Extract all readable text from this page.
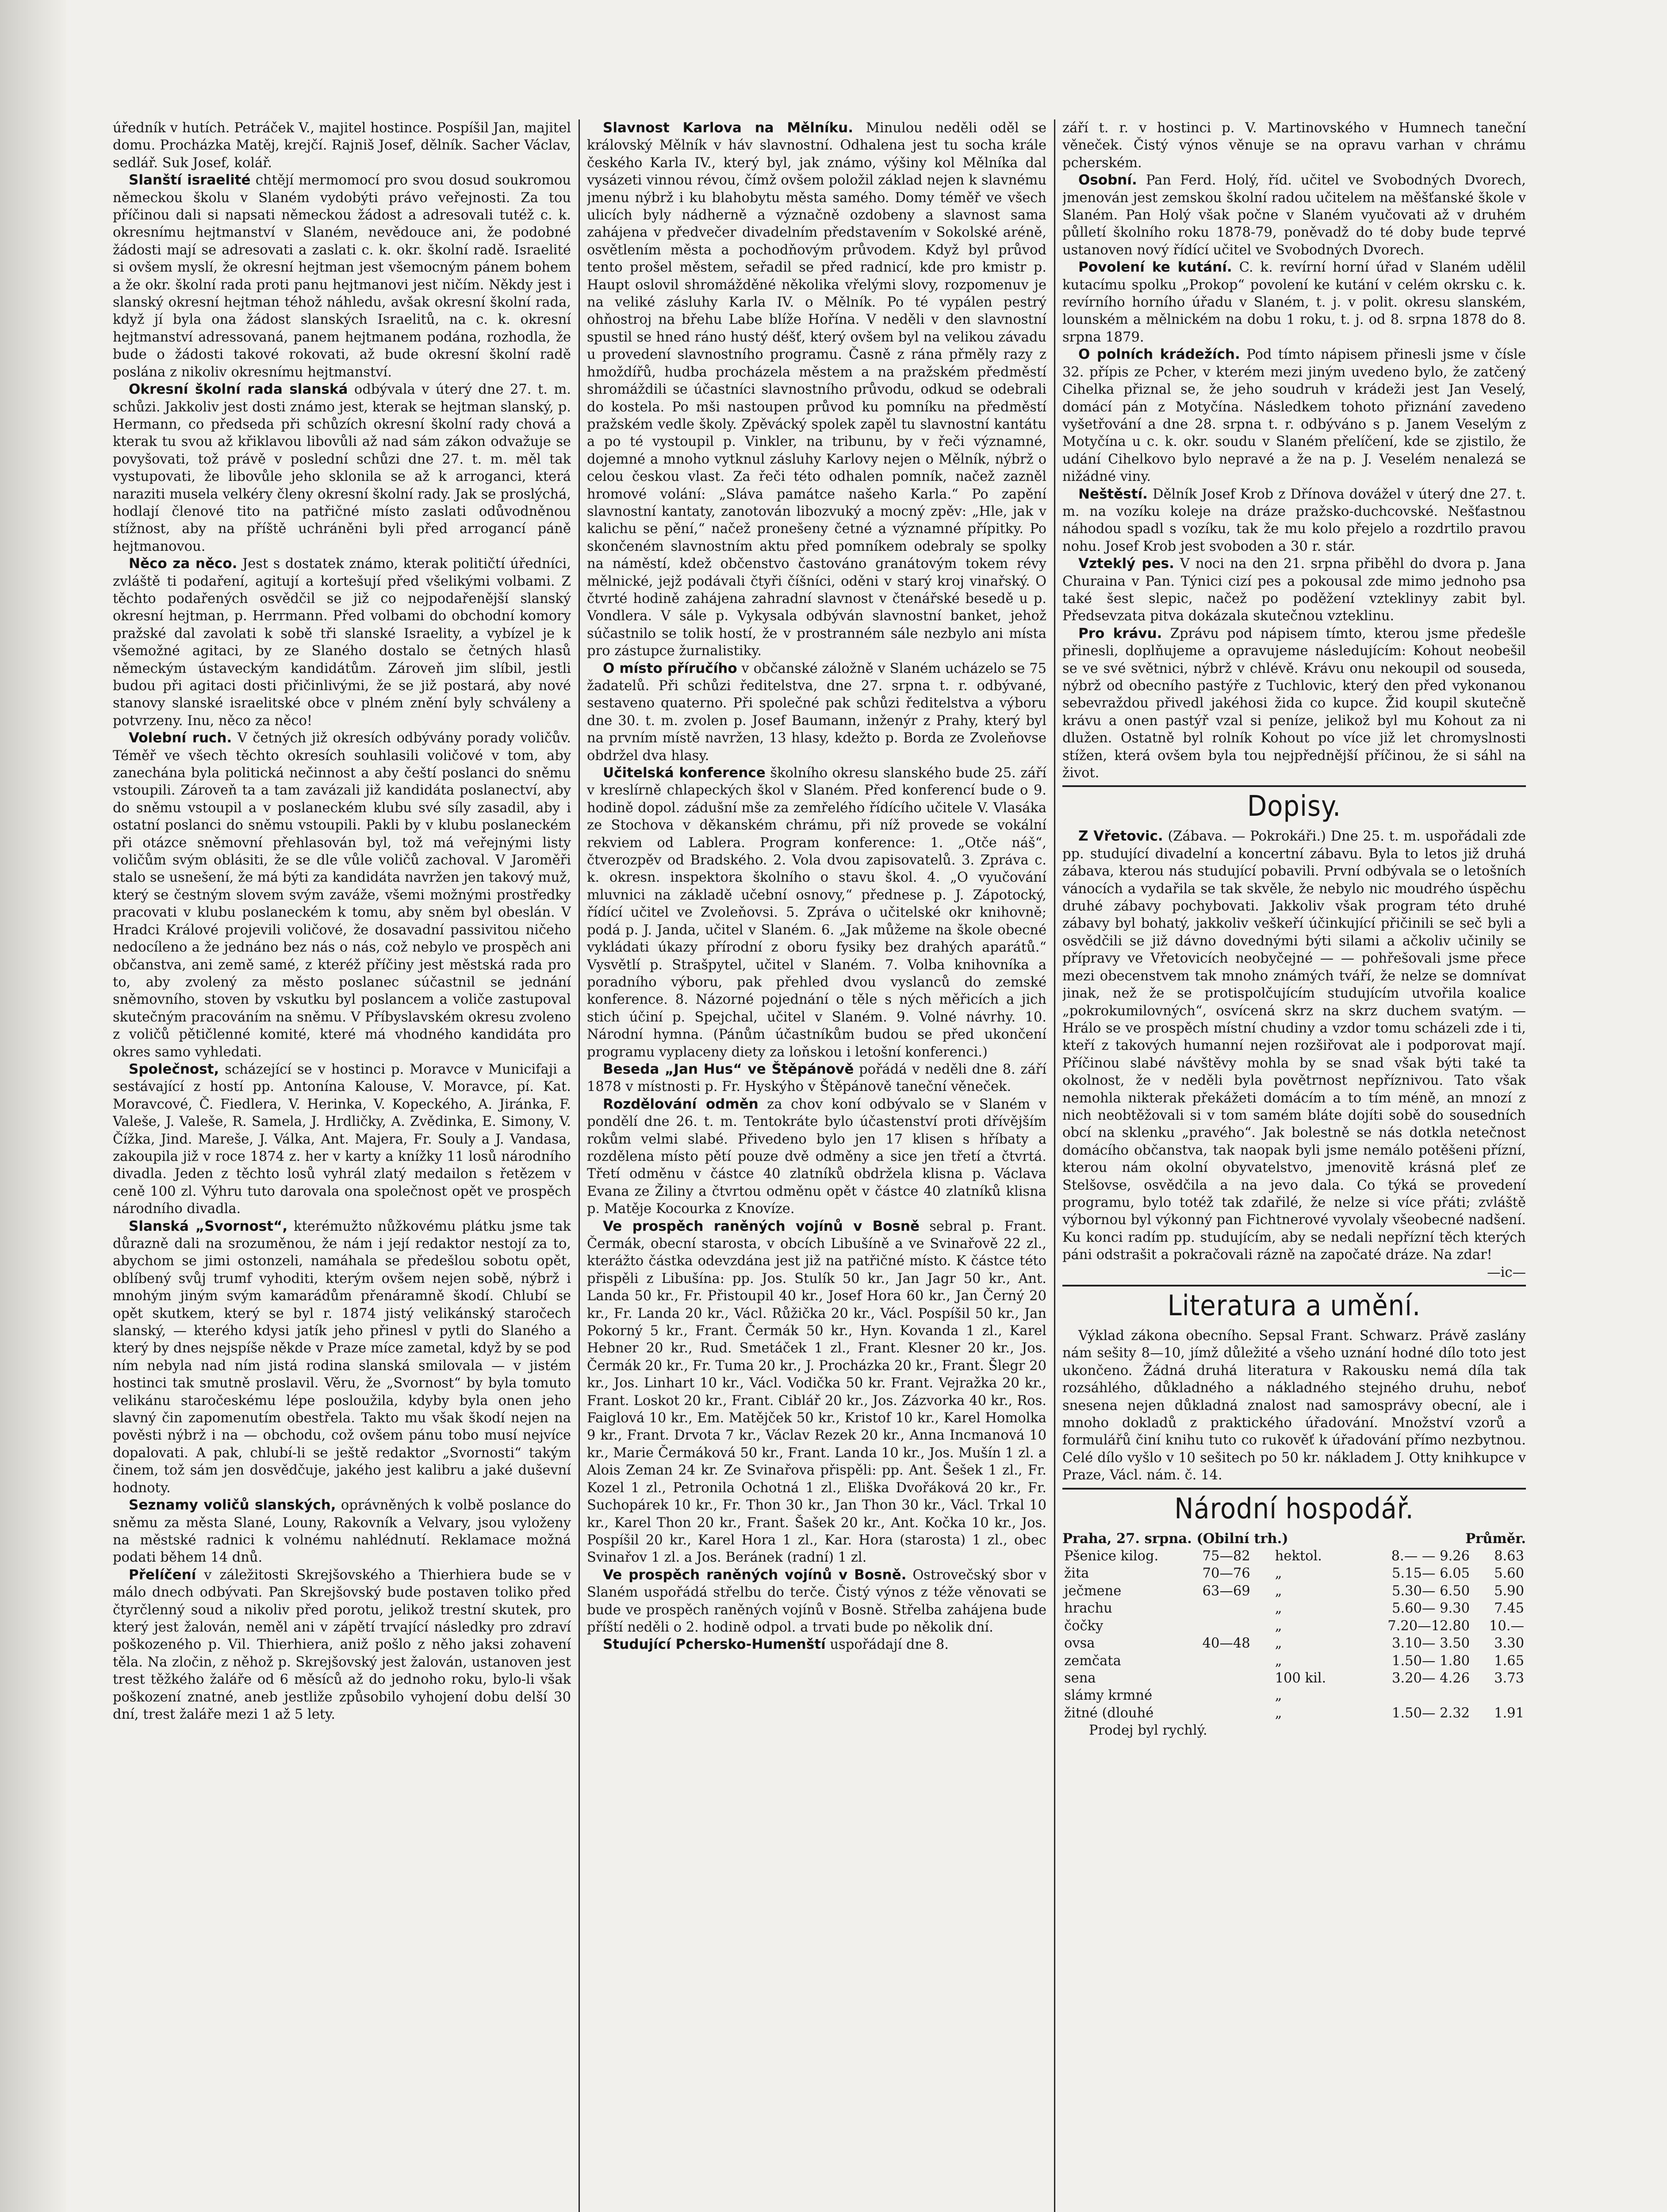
úředník v hutích. Petráček V., majitel hostince. Pospíšil Jan, majitel domu. Procházka Matěj, krejčí. Rajniš Josef, dělník. Sacher Václav, sedlář. Suk Josef, kolář.

Slanští israelité chtějí mermomocí pro svou dosud soukromou německou školu v Slaném vydobýti právo veřejnosti. Za tou příčinou dali si napsati německou žádost a adresovali tutéž c. k. okresnímu hejtmanství v Slaném, nevědouce ani, že podobné žádosti mají se adresovati a zaslati c. k. okr. školní radě. Israelité si ovšem myslí, že okresní hejtman jest všemocným pánem bohem a že okr. školní rada proti panu hejtmanovi jest ničím. Někdy jest i slanský okresní hejtman téhož náhledu, avšak okresní školní rada, když jí byla ona žádost slanských Israelitů, na c. k. okresní hejtmanství adressovaná, panem hejtmanem podána, rozhodla, že bude o žádosti takové rokovati, až bude okresní školní radě poslána z nikoliv okresnímu hejtmanství.

Okresní školní rada slanská odbývala v úterý dne 27. t. m. schůzi. Jakkoliv jest dosti známo jest, kterak se hejtman slanský, p. Hermann, co předseda při schůzích okresní školní rady chová a kterak tu svou až křiklavou libovůli až nad sám zákon odvažuje se povyšovati, tož právě v poslední schůzi dne 27. t. m. měl tak vystupovati, že libovůle jeho sklonila se až k arroganci, která naraziti musela velkéry členy okresní školní rady. Jak se proslýchá, hodlají členové tito na patřičné místo zaslati odůvodněnou stížnost, aby na příště uchráněni byli před arrogancí páně hejtmanovou.

Něco za něco. Jest s dostatek známo, kterak političtí úředníci, zvláště ti podaření, agitují a kortešují před všelikými volbami. Z těchto podařených osvědčil se již co nejpodařenější slanský okresní hejtman, p. Herrmann. Před volbami do obchodní komory pražské dal zavolati k sobě tři slanské Israelity, a vybízel je k všemožné agitaci, by ze Slaného dostalo se četných hlasů německým ústaveckým kandidátům. Zároveň jim slíbil, jestli budou při agitaci dosti přičinlivými, že se již postará, aby nové stanovy slanské israelitské obce v plném znění byly schváleny a potvrzeny. Inu, něco za něco!

Volební ruch. V četných již okresích odbývány porady voličův. Téměř ve všech těchto okresích souhlasili voličové v tom, aby zanechána byla politická nečinnost a aby čeští poslanci do sněmu vstoupili. Zároveň ta a tam zavázali již kandidáta poslanectví, aby do sněmu vstoupil a v poslaneckém klubu své síly zasadil, aby i ostatní poslanci do sněmu vstoupili. Pakli by v klubu poslaneckém při otázce sněmovní přehlasován byl, tož má veřejnými listy voličům svým oblásiti, že se dle vůle voličů zachoval. V Jaroměři stalo se usnešení, že má býti za kandidáta navržen jen takový muž, který se čestným slovem svým zaváže, všemi možnými prostředky pracovati v klubu poslaneckém k tomu, aby sněm byl obeslán. V Hradci Králové projevili voličové, že dosavadní passivitou ničeho nedocíleno a že jednáno bez nás o nás, což nebylo ve prospěch ani občanstva, ani země samé, z kteréž příčiny jest městská rada pro to, aby zvolený za město poslanec súčastnil se jednání sněmovního, stoven by vskutku byl poslancem a voliče zastupoval skutečným pracováním na sněmu. V Příbyslavském okresu zvoleno z voličů pětičlenné komité, které má vhodného kandidáta pro okres samo vyhledati.

Společnost, scházející se v hostinci p. Moravce v Municifaji a sestávající z hostí pp. Antonína Kalouse, V. Moravce, pí. Kat. Moravcové, Č. Fiedlera, V. Herinka, V. Kopeckého, A. Jiránka, F. Valeše, J. Valeše, R. Samela, J. Hrdličky, A. Zvědinka, E. Simony, V. Čížka, Jind. Mareše, J. Válka, Ant. Majera, Fr. Souly a J. Vandasa, zakoupila již v roce 1874 z. her v karty a knížky 11 losů národního divadla. Jeden z těchto losů vyhrál zlatý medailon s řetězem v ceně 100 zl. Výhru tuto darovala ona společnost opět ve prospěch národního divadla.

Slanská „Svornost“, kterémužto nůžkovému plátku jsme tak důrazně dali na srozuměnou, že nám i její redaktor nestojí za to, abychom se jimi ostonzeli, namáhala se předešlou sobotu opět, oblíbený svůj trumf vyhoditi, kterým ovšem nejen sobě, nýbrž i mnohým jiným svým kamarádům přenáramně škodí. Chlubí se opět skutkem, který se byl r. 1874 jistý velikánský staročech slanský, — kterého kdysi jatík jeho přinesl v pytli do Slaného a který by dnes nejspíše někde v Praze míce zametal, když by se pod ním nebyla nad ním jistá rodina slanská smilovala — v jistém hostinci tak smutně proslavil. Věru, že „Svornost“ by byla tomuto velikánu staročeskému lépe posloužila, kdyby byla onen jeho slavný čin zapomenutím obestřela. Takto mu však škodí nejen na pověsti nýbrž i na — obchodu, což ovšem pánu tobo musí nejvíce dopalovati. A pak, chlubí-li se ještě redaktor „Svornosti“ takým činem, tož sám jen dosvědčuje, jakého jest kalibru a jaké duševní hodnoty.

Seznamy voličů slanských, oprávněných k volbě poslance do sněmu za města Slané, Louny, Rakovník a Velvary, jsou vyloženy na městské radnici k volnému nahlédnutí. Reklamace možná podati během 14 dnů.

Přelíčení v záležitosti Skrejšovského a Thierhiera bude se v málo dnech odbývati. Pan Skrejšovský bude postaven toliko před čtyrčlenný soud a nikoliv před porotu, jelikož trestní skutek, pro který jest žalován, neměl ani v zápětí trvající následky pro zdraví poškozeného p. Vil. Thierhiera, aniž pošlo z něho jaksi zohavení těla. Na zločin, z něhož p. Skrejšovský jest žalován, ustanoven jest trest těžkého žaláře od 6 měsíců až do jednoho roku, bylo-li však poškození znatné, aneb jestliže způsobilo vyhojení dobu delší 30 dní, trest žaláře mezi 1 až 5 lety.

Slavnost Karlova na Mělníku. Minulou neděli oděl se královský Mělník v háv slavnostní. Odhalena jest tu socha krále českého Karla IV., který byl, jak známo, výšiny kol Mělníka dal vysázeti vinnou révou, čímž ovšem položil základ nejen k slavnému jmenu nýbrž i ku blahobytu města samého. Domy téměř ve všech ulicích byly nádherně a význačně ozdobeny a slavnost sama zahájena v předvečer divadelním představením v Sokolské aréně, osvětlením města a pochodňovým průvodem. Když byl průvod tento prošel městem, seřadil se před radnicí, kde pro kmistr p. Haupt oslovil shromážděné několika vřelými slovy, rozpomenuv je na veliké zásluhy Karla IV. o Mělník. Po té vypálen pestrý ohňostroj na břehu Labe blíže Hořína. V neděli v den slavnostní spustil se hned ráno hustý déšť, který ovšem byl na velikou závadu u provedení slavnostního programu. Časně z rána přměly razy z hmoždířů, hudba procházela městem a na pražském předměstí shromáždili se účastníci slavnostního průvodu, odkud se odebrali do kostela. Po mši nastoupen průvod ku pomníku na předměstí pražském vedle školy. Zpěvácký spolek zapěl tu slavnostní kantátu a po té vystoupil p. Vinkler, na tribunu, by v řeči významné, dojemné a mnoho vytknul zásluhy Karlovy nejen o Mělník, nýbrž o celou českou vlast. Za řeči této odhalen pomník, načež zazněl hromové volání: „Sláva památce našeho Karla.“ Po zapění slavnostní kantaty, zanotován libozvuký a mocný zpěv: „Hle, jak v kalichu se pění,“ načež pronešeny četné a významné přípitky. Po skončeném slavnostním aktu před pomníkem odebraly se spolky na náměstí, kdež občenstvo častováno granátovým tokem révy mělnické, jejž podávali čtyři číšníci, oděni v starý kroj vinařský. O čtvrté hodině zahájena zahradní slavnost v čtenářské besedě u p. Vondlera. V sále p. Vykysala odbýván slavnostní banket, jehož súčastnilo se tolik hostí, že v prostranném sále nezbylo ani místa pro zástupce žurnalistiky.

O místo příručího v občanské záložně v Slaném ucházelo se 75 žadatelů. Při schůzi ředitelstva, dne 27. srpna t. r. odbývané, sestaveno quaterno. Při společné pak schůzi ředitelstva a výboru dne 30. t. m. zvolen p. Josef Baumann, inženýr z Prahy, který byl na prvním místě navržen, 13 hlasy, kdežto p. Borda ze Zvoleňovse obdržel dva hlasy.

Učitelská konference školního okresu slanského bude 25. září v kreslírně chlapeckých škol v Slaném. Před konferencí bude o 9. hodině dopol. zádušní mše za zemřelého řídícího učitele V. Vlasáka ze Stochova v děkanském chrámu, při níž provede se vokální rekviem od Lablera. Program konference: 1. „Otče náš“, čtverozpěv od Bradského. 2. Vola dvou zapisovatelů. 3. Zpráva c. k. okresn. inspektora školního o stavu škol. 4. „O vyučování mluvnici na základě učební osnovy,“ přednese p. J. Zápotocký, řídící učitel ve Zvoleňovsi. 5. Zpráva o učitelské okr knihovně; podá p. J. Janda, učitel v Slaném. 6. „Jak můžeme na škole obecné vykládati úkazy přírodní z oboru fysiky bez drahých aparátů.“ Vysvětlí p. Strašpytel, učitel v Slaném. 7. Volba knihovníka a poradního výboru, pak přehled dvou vyslanců do zemské konference. 8. Názorné pojednání o těle s ných měřicích a jich stich účiní p. Spejchal, učitel v Slaném. 9. Volné návrhy. 10. Národní hymna. (Pánům účastníkům budou se před ukončení programu vyplaceny diety za loňskou i letošní konferenci.)

Beseda „Jan Hus“ ve Štěpánově pořádá v neděli dne 8. září 1878 v místnosti p. Fr. Hyskýho v Štěpánově taneční věneček.

Rozdělování odměn za chov koní odbývalo se v Slaném v pondělí dne 26. t. m. Tentokráte bylo účastenství proti dřívějším rokům velmi slabé. Přivedeno bylo jen 17 klisen s hříbaty a rozdělena místo pětí pouze dvě odměny a sice jen třetí a čtvrtá. Třetí odměnu v částce 40 zlatníků obdržela klisna p. Václava Evana ze Žiliny a čtvrtou odměnu opět v částce 40 zlatníků klisna p. Matěje Kocourka z Knovíze.

Ve prospěch raněných vojínů v Bosně sebral p. Frant. Čermák, obecní starosta, v obcích Libušíně a ve Svinařově 22 zl., kterážto částka odevzdána jest již na patřičné místo. K částce této přispěli z Libušína: pp. Jos. Stulík 50 kr., Jan Jagr 50 kr., Ant. Landa 50 kr., Fr. Přistoupil 40 kr., Josef Hora 60 kr., Jan Černý 20 kr., Fr. Landa 20 kr., Václ. Růžička 20 kr., Václ. Pospíšil 50 kr., Jan Pokorný 5 kr., Frant. Čermák 50 kr., Hyn. Kovanda 1 zl., Karel Hebner 20 kr., Rud. Smetáček 1 zl., Frant. Klesner 20 kr., Jos. Čermák 20 kr., Fr. Tuma 20 kr., J. Procházka 20 kr., Frant. Šlegr 20 kr., Jos. Linhart 10 kr., Václ. Vodička 50 kr. Frant. Vejražka 20 kr., Frant. Loskot 20 kr., Frant. Ciblář 20 kr., Jos. Zázvorka 40 kr., Ros. Faiglová 10 kr., Em. Matějček 50 kr., Kristof 10 kr., Karel Homolka 9 kr., Frant. Drvota 7 kr., Václav Rezek 20 kr., Anna Incmanová 10 kr., Marie Čermáková 50 kr., Frant. Landa 10 kr., Jos. Mušín 1 zl. a Alois Zeman 24 kr. Ze Svinařova přispěli: pp. Ant. Šešek 1 zl., Fr. Kozel 1 zl., Petronila Ochotná 1 zl., Eliška Dvořáková 20 kr., Fr. Suchopárek 10 kr., Fr. Thon 30 kr., Jan Thon 30 kr., Václ. Trkal 10 kr., Karel Thon 20 kr., Frant. Šašek 20 kr., Ant. Kočka 10 kr., Jos. Pospíšil 20 kr., Karel Hora 1 zl., Kar. Hora (starosta) 1 zl., obec Svinařov 1 zl. a Jos. Beránek (radní) 1 zl.

Ve prospěch raněných vojínů v Bosně. Ostrovečský sbor v Slaném uspořádá střelbu do terče. Čistý výnos z téže věnovati se bude ve prospěch raněných vojínů v Bosně. Střelba zahájena bude příští neděli o 2. hodině odpol. a trvati bude po několik dní.

Studující Pchersko-Humenští uspořádají dne 8.

září t. r. v hostinci p. V. Martinovského v Humnech taneční věneček. Čistý výnos věnuje se na opravu varhan v chrámu pcherském.

Osobní. Pan Ferd. Holý, říd. učitel ve Svobodných Dvorech, jmenován jest zemskou školní radou učitelem na měšťanské škole v Slaném. Pan Holý však počne v Slaném vyučovati až v druhém půlletí školního roku 1878-79, poněvadž do té doby bude teprvé ustanoven nový řídící učitel ve Svobodných Dvorech.

Povolení ke kutání. C. k. revírní horní úřad v Slaném udělil kutacímu spolku „Prokop“ povolení ke kutání v celém okrsku c. k. revírního horního úřadu v Slaném, t. j. v polit. okresu slanském, lounském a mělnickém na dobu 1 roku, t. j. od 8. srpna 1878 do 8. srpna 1879.

O polních krádežích. Pod tímto nápisem přinesli jsme v čísle 32. přípis ze Pcher, v kterém mezi jiným uvedeno bylo, že zatčený Cihelka přiznal se, že jeho soudruh v krádeži jest Jan Veselý, domácí pán z Motyčína. Následkem tohoto přiznání zavedeno vyšetřování a dne 28. srpna t. r. odbýváno s p. Janem Veselým z Motyčína u c. k. okr. soudu v Slaném přelíčení, kde se zjistilo, že udání Cihelkovo bylo nepravé a že na p. J. Veselém nenalezá se nižádné viny.

Neštěstí. Dělník Josef Krob z Dřínova dovážel v úterý dne 27. t. m. na vozíku koleje na dráze pražsko-duchcovské. Nešťastnou náhodou spadl s vozíku, tak že mu kolo přejelo a rozdrtilo pravou nohu. Josef Krob jest svoboden a 30 r. stár.

Vzteklý pes. V noci na den 21. srpna přiběhl do dvora p. Jana Churaina v Pan. Týnici cizí pes a pokousal zde mimo jednoho psa také šest slepic, načež po poděžení vzteklinyy zabit byl. Předsevzata pitva dokázala skutečnou vzteklinu.

Pro krávu. Zprávu pod nápisem tímto, kterou jsme předešle přinesli, doplňujeme a opravujeme následujícím: Kohout neobešil se ve své světnici, nýbrž v chlévě. Krávu onu nekoupil od souseda, nýbrž od obecního pastýře z Tuchlovic, který den před vykonanou sebevraždou přivedl jakéhosi žida co kupce. Žid koupil skutečně krávu a onen pastýř vzal si peníze, jelikož byl mu Kohout za ni dlužen. Ostatně byl rolník Kohout po více již let chromyslnosti stížen, která ovšem byla tou nejpřednější příčinou, že si sáhl na život.

Dopisy.

Z Vřetovic. (Zábava. — Pokrokáři.) Dne 25. t. m. uspořádali zde pp. studující divadelní a koncertní zábavu. Byla to letos již druhá zábava, kterou nás studující pobavili. První odbývala se o letošních vánocích a vydařila se tak skvěle, že nebylo nic moudrého úspěchu druhé zábavy pochybovati. Jakkoliv však program této druhé zábavy byl bohatý, jakkoliv veškeří účinkující přičinili se seč byli a osvědčili se již dávno dovednými býti silami a ačkoliv učinily se přípravy ve Vřetovicích neobyčejné — — pohřešovali jsme přece mezi obecenstvem tak mnoho známých tváří, že nelze se domnívat jinak, než že se protispolčujícím studujícím utvořila koalice „pokrokumilovných“, osvícená skrz na skrz duchem svatým. — Hrálo se ve prospěch místní chudiny a vzdor tomu scházeli zde i ti, kteří z takových humanní nejen rozšiřovat ale i podporovat mají. Příčinou slabé návštěvy mohla by se snad však býti také ta okolnost, že v neděli byla povětrnost nepříznivou. Tato však nemohla nikterak překážeti domácím a to tím méně, an mnozí z nich neobtěžovali si v tom samém bláte dojíti sobě do sousedních obcí na sklenku „pravého“. Jak bolestně se nás dotkla netečnost domácího občanstva, tak naopak byli jsme nemálo potěšeni přízní, kterou nám okolní obyvatelstvo, jmenovitě krásná pleť ze Stelšovse, osvědčila a na jevo dala. Co týká se provedení programu, bylo totéž tak zdařilé, že nelze si více přáti; zvláště výbornou byl výkonný pan Fichtnerové vyvolaly všeobecné nadšení. Ku konci radím pp. studujícím, aby se nedali nepřízní těch kterých páni odstrašit a pokračovali rázně na započaté dráze. Na zdar!

—ic—
Literatura a umění.

Výklad zákona obecního. Sepsal Frant. Schwarz. Právě zaslány nám sešity 8—10, jímž důležité a všeho uznání hodné dílo toto jest ukončeno. Žádná druhá literatura v Rakousku nemá díla tak rozsáhlého, důkladného a nákladného stejného druhu, neboť snesena nejen důkladná znalost nad samosprávy obecní, ale i mnoho dokladů z praktického úřadování. Množství vzorů a formulářů činí knihu tuto co rukověť k úřadování přímo nezbytnou. Celé dílo vyšlo v 10 sešitech po 50 kr. nákladem J. Otty knihkupce v Praze, Václ. nám. č. 14.

Národní hospodář.
Praha, 27. srpna. (Obilní trh.)	Průměr.
Pšenice kilog.	75—82	hektol.	8.— — 9.26	8.63
žita	70—76	„	5.15— 6.05	5.60
ječmene	63—69	„	5.30— 6.50	5.90
hrachu		„	5.60— 9.30	7.45
čočky		„	7.20—12.80	10.—
ovsa	40—48	„	3.10— 3.50	3.30
zemčata		„	1.50— 1.80	1.65
sena		100 kil.	3.20— 4.26	3.73
slámy krmné		„		
žitné (dlouhé		„	1.50— 2.32	1.91
Prodej byl rychlý.
